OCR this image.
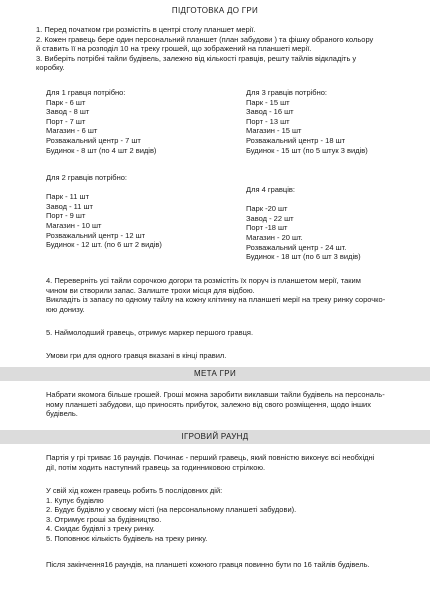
ПІДГОТОВКА ДО ГРИ

1. Перед початком гри розмістіть в центрі столу планшет мерії.

2. Кожен гравець бере один персональний планшет (план забудови ) та фішку обраного кольору

й ставить її на розподіл 10 на треку грошей, що зображений на планшеті мерії.

3. Виберіть потрібні тайли будівель, залежно від кількості гравців, решту тайлів відкладіть у

коробку.

Для 1 гравця потрібно:

Парк - 6 шт

Завод - 8 шт

Порт - 7 шт

Магазин - 6 шт

Розважальний центр - 7 шт

Будинок - 8 шт (по 4 шт 2 видів)

Для 3 гравців потрібно:

Парк - 15 шт

Завод - 16 шт

Порт - 13 шт

Магазин - 15 шт

Розважальний центр - 18 шт

Будинок - 15 шт (по 5 штук 3 видів)

Для 2 гравців потрібно:

Парк - 11 шт

Завод - 11 шт

Порт - 9 шт

Магазин - 10 шт

Розважальний центр - 12 шт

Будинок - 12 шт. (по 6 шт 2 видів)

Для 4 гравців:

Парк -20 шт

Завод - 22 шт

Порт -18 шт

Магазин - 20 шт.

Розважальний центр - 24 шт.

Будинок - 18 шт (по 6 шт 3 видів)

4. Переверніть усі тайли сорочкою догори та розмістіть їх поруч із планшетом мерії, таким

чином ви створили запас. Залиште трохи місця для відбою.

Викладіть із запасу по одному тайлу на кожну клітинку на планшеті мерії на треку ринку сорочко-

юю донизу.

5. Наймолодший гравець, отримує маркер першого гравця.

Умови гри для одного гравця вказані в кінці правил.

МЕТА ГРИ

Набрати якомога більше грошей. Гроші можна заробити виклавши тайли будівель на персональ-

ному планшеті забудови, що приносять прибуток, залежно від свого розміщення, щодо інших

будівель.

ІГРОВИЙ РАУНД

Партія у грі триває 16 раундів. Починає - перший гравець, який повністю виконує всі необхідні

дії, потім ходить наступний гравець за годинниковою стрілкою.

У свій хід кожен гравець робить 5 послідовних дій:

1. Купує будівлю

2. Будує будівлю у своєму місті (на персональному планшеті забудови).

3. Отримує гроші за будівництво.

4. Скидає будівлі з треку ринку.

5. Поповнює кількість будівель на треку ринку.

Після закінчення16 раундів, на планшеті кожного гравця повинно бути по 16 тайлів будівель.
